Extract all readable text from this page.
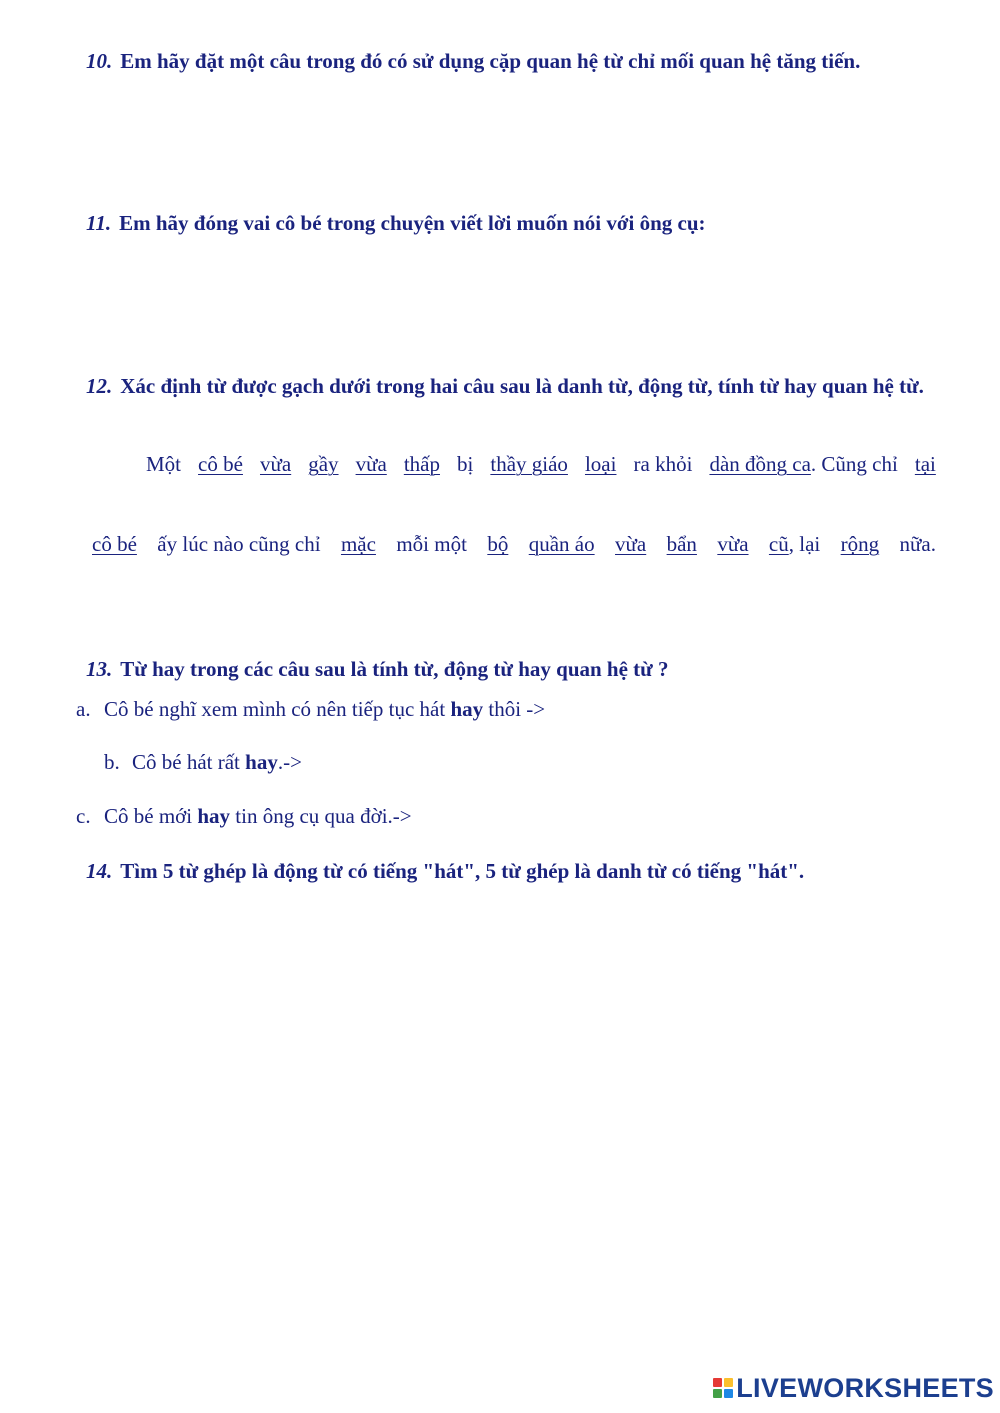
10. Em hãy đặt một câu trong đó có sử dụng cặp quan hệ từ chỉ mối quan hệ tăng tiến.
11. Em hãy đóng vai cô bé trong chuyện viết lời muốn nói với ông cụ:
12. Xác định từ được gạch dưới trong hai câu sau là danh từ, động từ, tính từ hay quan hệ từ.
Một cô bé vừa gầy vừa thấp bị thầy giáo loại ra khỏi dàn đồng ca. Cũng chỉ tại
cô bé ấy lúc nào cũng chỉ mặc mỗi một bộ quần áo vừa bẩn vừa cũ, lại rộng nữa.
13. Từ hay trong các câu sau là tính từ, động từ hay quan hệ từ ?
a. Cô bé nghĩ xem mình có nên tiếp tục hát hay thôi ->
b. Cô bé hát rất hay.->
c. Cô bé mới hay tin ông cụ qua đời.->
14. Tìm 5 từ ghép là động từ có tiếng "hát", 5 từ ghép là danh từ có tiếng "hát".
LIVEWORKSHEETS
